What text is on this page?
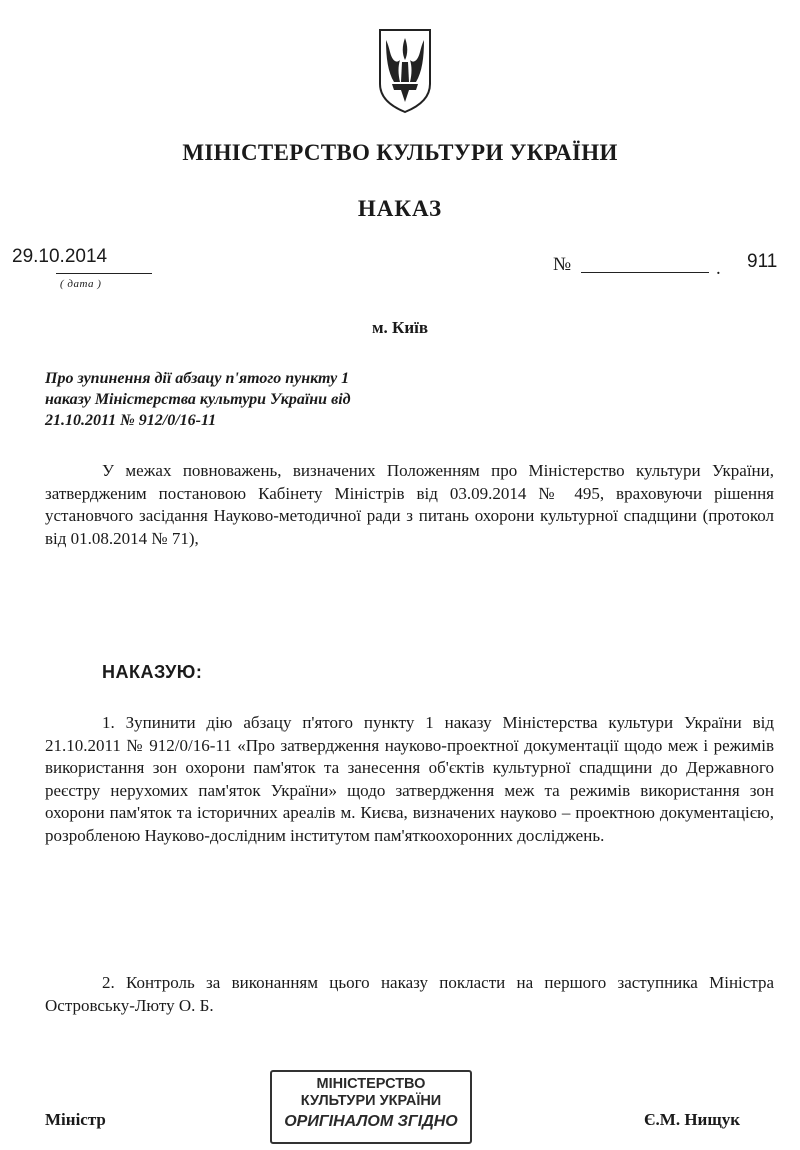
МІНІСТЕРСТВО КУЛЬТУРИ УКРАЇНИ
НАКАЗ
29.10.2014
( дата )
№	. 911
м. Київ

Про зупинення дії абзацу п'ятого пункту 1
наказу Міністерства культури України від
21.10.2011 № 912/0/16-11

У межах повноважень, визначених Положенням про Міністерство культури України, затвердженим постановою Кабінету Міністрів від 03.09.2014 № 495, враховуючи рішення установчого засідання Науково-методичної ради з питань охорони культурної спадщини (протокол від 01.08.2014 № 71),

НАКАЗУЮ:

1. Зупинити дію абзацу п'ятого пункту 1 наказу Міністерства культури України від 21.10.2011 № 912/0/16-11 «Про затвердження науково-проектної документації щодо меж і режимів використання зон охорони пам'яток та занесення об'єктів культурної спадщини до Державного реєстру нерухомих пам'яток України» щодо затвердження меж та режимів використання зон охорони пам'яток та історичних ареалів м. Києва, визначених науково – проектною документацією, розробленою Науково-дослідним інститутом пам'яткоохоронних досліджень.

2. Контроль за виконанням цього наказу покласти на першого заступника Міністра Островську-Люту О. Б.

МІНІСТЕРСТВО
КУЛЬТУРИ УКРАЇНИ
ОРИГІНАЛОМ ЗГІДНО
Міністр	Є.М. Нищук
